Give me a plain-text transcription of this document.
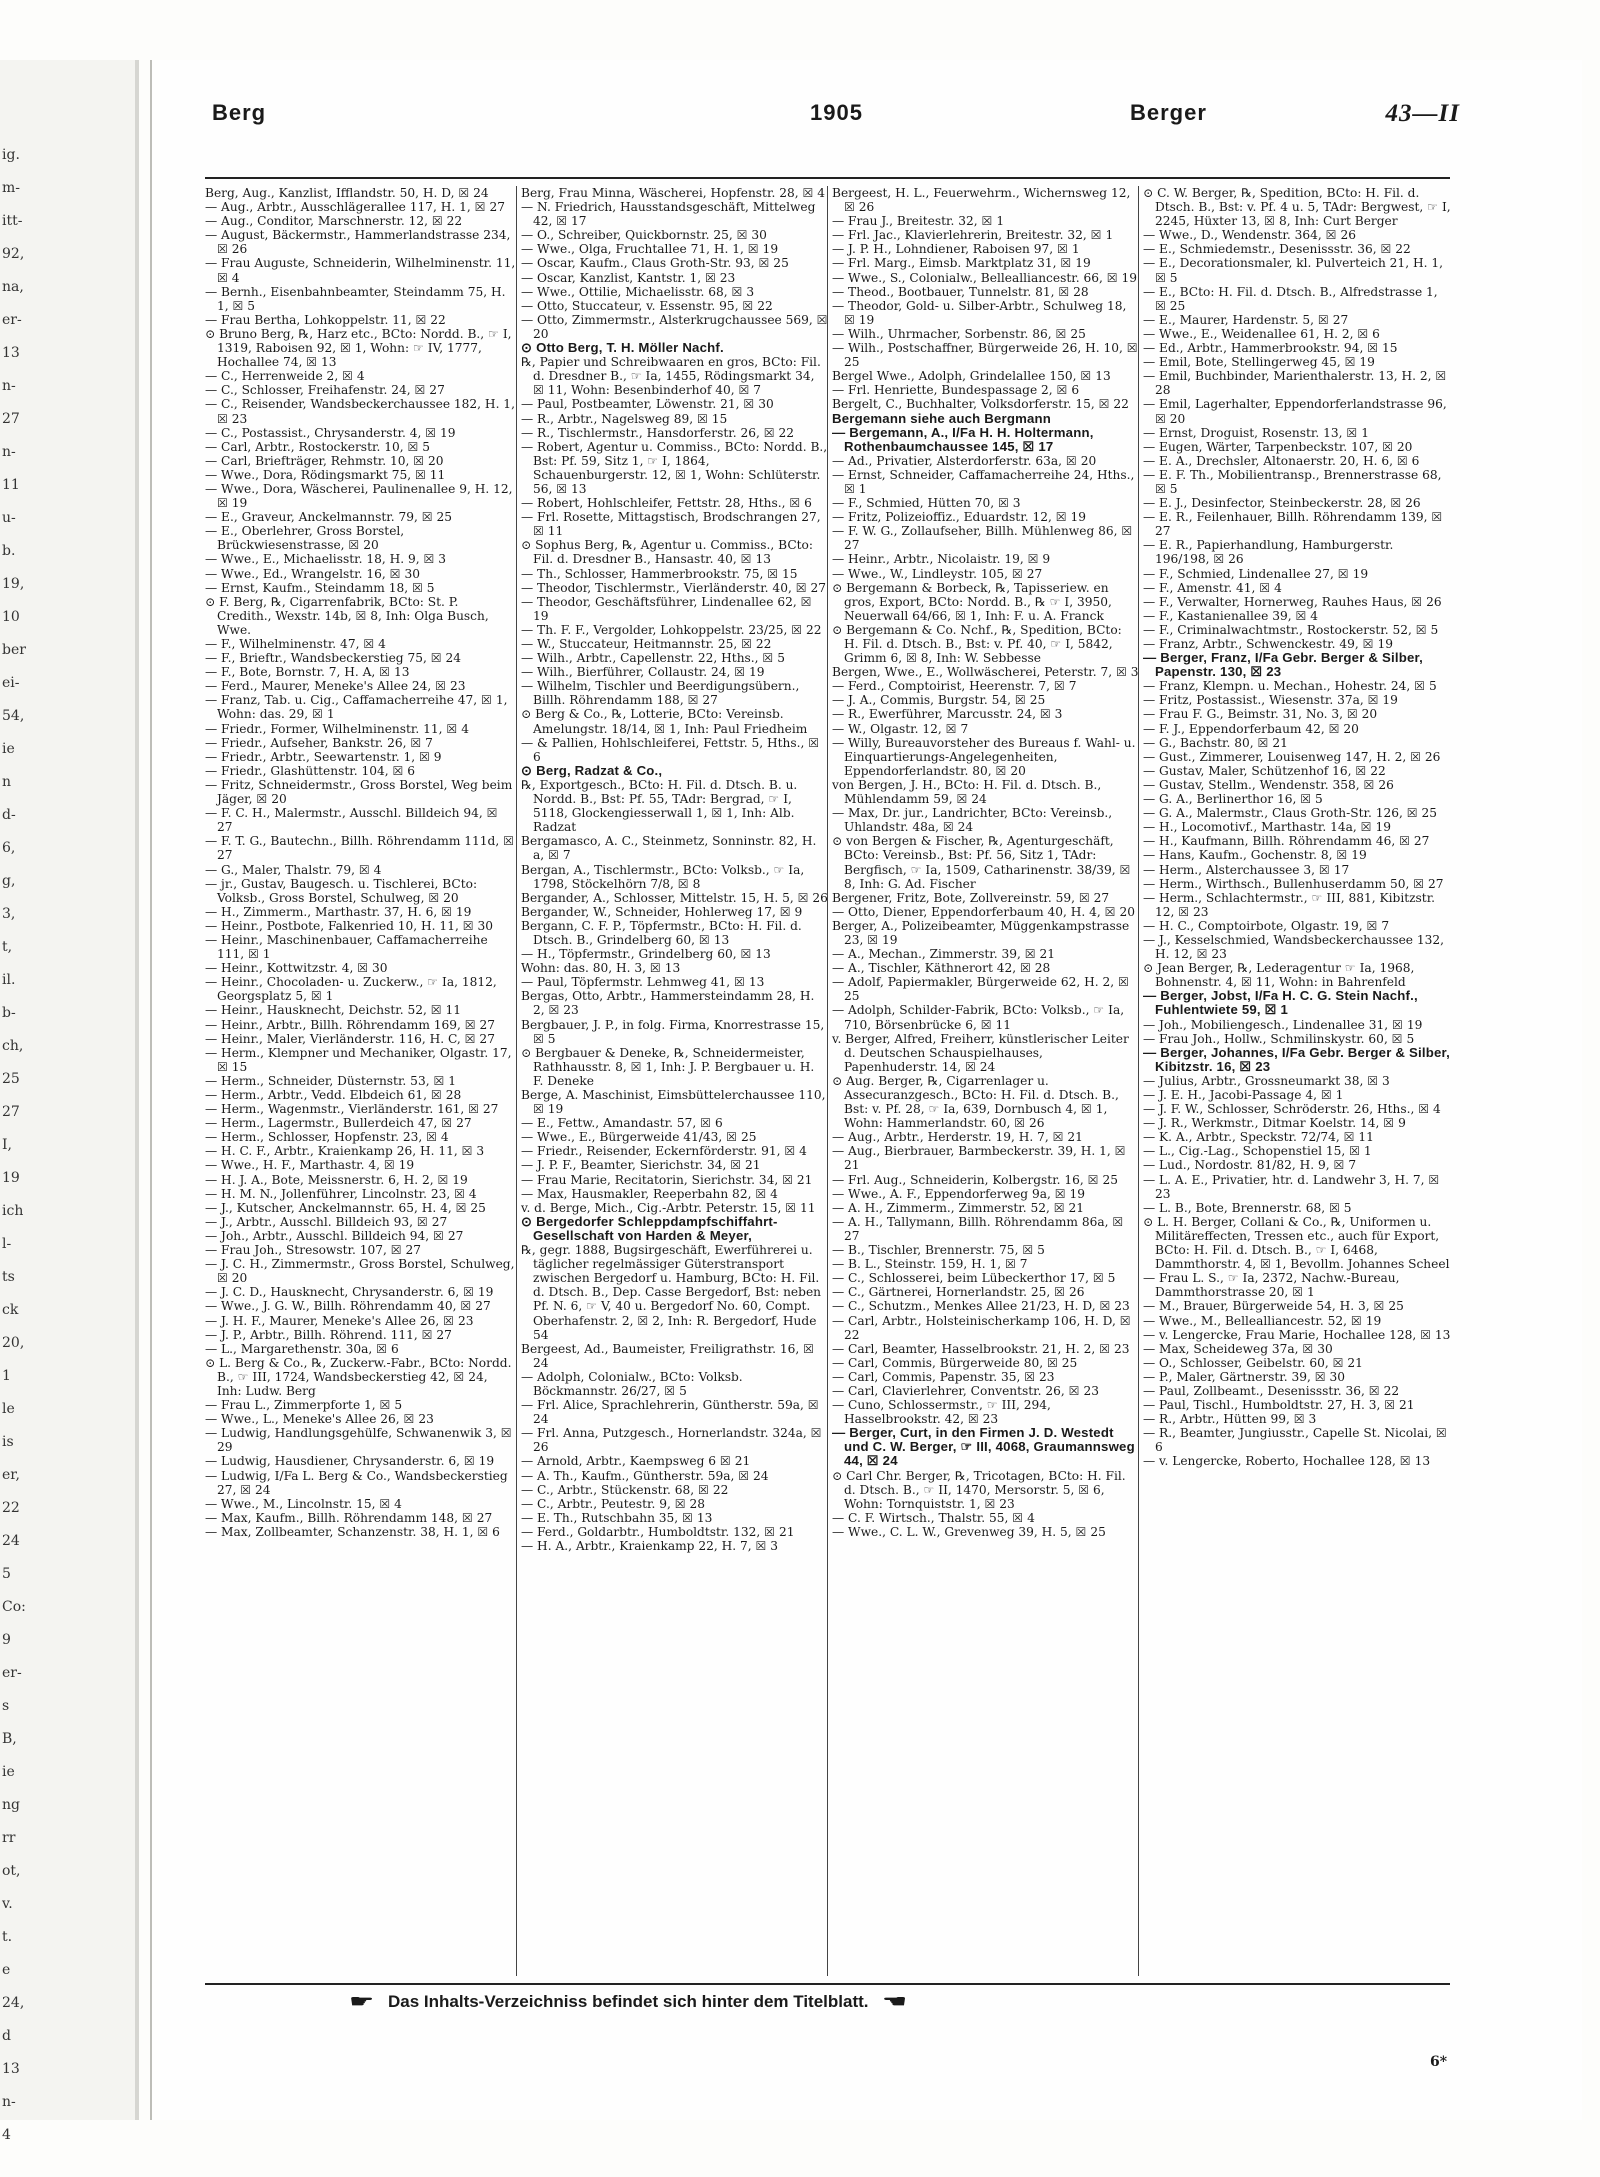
ig.
m-
itt-
92,
na,
er-
13
n-
27
n-
11
u-
b.
19,
10
ber
ei-
54,
ie
n
d-
6,
g,
3,
t,
il.
b-
ch,
25
27
I,
19
ich
l-
ts
ck
20,
1
le
is
er,
22
24
5
Co:
9
er-
s
B,
ie
ng
rr
ot,
v.
t.
e
24,
d
13
n-
4
Berg	1905	Berger	43—II

Berg, Aug., Kanzlist, Ifflandstr. 50, H. D, ☒ 24

— Aug., Arbtr., Ausschlägerallee 117, H. 1, ☒ 27

— Aug., Conditor, Marschnerstr. 12, ☒ 22

— August, Bäckermstr., Hammerlandstrasse 234, ☒ 26

— Frau Auguste, Schneiderin, Wilhelminenstr. 11, ☒ 4

— Bernh., Eisenbahnbeamter, Steindamm 75, H. 1, ☒ 5

— Frau Bertha, Lohkoppelstr. 11, ☒ 22

⊙ Bruno Berg, ℞, Harz etc., BCto: Nordd. B., ☞ I, 1319, Raboisen 92, ☒ 1, Wohn: ☞ IV, 1777, Hochallee 74, ☒ 13

— C., Herrenweide 2, ☒ 4

— C., Schlosser, Freihafenstr. 24, ☒ 27

— C., Reisender, Wandsbeckerchaussee 182, H. 1, ☒ 23

— C., Postassist., Chrysanderstr. 4, ☒ 19

— Carl, Arbtr., Rostockerstr. 10, ☒ 5

— Carl, Briefträger, Rehmstr. 10, ☒ 20

— Wwe., Dora, Rödingsmarkt 75, ☒ 11

— Wwe., Dora, Wäscherei, Paulinenallee 9, H. 12, ☒ 19

— E., Graveur, Anckelmannstr. 79, ☒ 25

— E., Oberlehrer, Gross Borstel, Brückwiesenstrasse, ☒ 20

— Wwe., E., Michaelisstr. 18, H. 9, ☒ 3

— Wwe., Ed., Wrangelstr. 16, ☒ 30

— Ernst, Kaufm., Steindamm 18, ☒ 5

⊙ F. Berg, ℞, Cigarrenfabrik, BCto: St. P. Credith., Wexstr. 14b, ☒ 8, Inh: Olga Busch, Wwe.

— F., Wilhelminenstr. 47, ☒ 4

— F., Brieftr., Wandsbeckerstieg 75, ☒ 24

— F., Bote, Bornstr. 7, H. A, ☒ 13

— Ferd., Maurer, Meneke's Allee 24, ☒ 23

— Franz, Tab. u. Cig., Caffamacherreihe 47, ☒ 1, Wohn: das. 29, ☒ 1

— Friedr., Former, Wilhelminenstr. 11, ☒ 4

— Friedr., Aufseher, Bankstr. 26, ☒ 7

— Friedr., Arbtr., Seewartenstr. 1, ☒ 9

— Friedr., Glashüttenstr. 104, ☒ 6

— Fritz, Schneidermstr., Gross Borstel, Weg beim Jäger, ☒ 20

— F. C. H., Malermstr., Ausschl. Billdeich 94, ☒ 27

— F. T. G., Bautechn., Billh. Röhrendamm 111d, ☒ 27

— G., Maler, Thalstr. 79, ☒ 4

— jr., Gustav, Baugesch. u. Tischlerei, BCto: Volksb., Gross Borstel, Schulweg, ☒ 20

— H., Zimmerm., Marthastr. 37, H. 6, ☒ 19

— Heinr., Postbote, Falkenried 10, H. 11, ☒ 30

— Heinr., Maschinenbauer, Caffamacherreihe 111, ☒ 1

— Heinr., Kottwitzstr. 4, ☒ 30

— Heinr., Chocoladen- u. Zuckerw., ☞ Ia, 1812, Georgsplatz 5, ☒ 1

— Heinr., Hausknecht, Deichstr. 52, ☒ 11

— Heinr., Arbtr., Billh. Röhrendamm 169, ☒ 27

— Heinr., Maler, Vierländerstr. 116, H. C, ☒ 27

— Herm., Klempner und Mechaniker, Olgastr. 17, ☒ 15

— Herm., Schneider, Düsternstr. 53, ☒ 1

— Herm., Arbtr., Vedd. Elbdeich 61, ☒ 28

— Herm., Wagenmstr., Vierländerstr. 161, ☒ 27

— Herm., Lagermstr., Bullerdeich 47, ☒ 27

— Herm., Schlosser, Hopfenstr. 23, ☒ 4

— H. C. F., Arbtr., Kraienkamp 26, H. 11, ☒ 3

— Wwe., H. F., Marthastr. 4, ☒ 19

— H. J. A., Bote, Meissnerstr. 6, H. 2, ☒ 19

— H. M. N., Jollenführer, Lincolnstr. 23, ☒ 4

— J., Kutscher, Anckelmannstr. 65, H. 4, ☒ 25

— J., Arbtr., Ausschl. Billdeich 93, ☒ 27

— Joh., Arbtr., Ausschl. Billdeich 94, ☒ 27

— Frau Joh., Stresowstr. 107, ☒ 27

— J. C. H., Zimmermstr., Gross Borstel, Schulweg, ☒ 20

— J. C. D., Hausknecht, Chrysanderstr. 6, ☒ 19

— Wwe., J. G. W., Billh. Röhrendamm 40, ☒ 27

— J. H. F., Maurer, Meneke's Allee 26, ☒ 23

— J. P., Arbtr., Billh. Röhrend. 111, ☒ 27

— L., Margarethenstr. 30a, ☒ 6

⊙ L. Berg & Co., ℞, Zuckerw.-Fabr., BCto: Nordd. B., ☞ III, 1724, Wandsbeckerstieg 42, ☒ 24, Inh: Ludw. Berg

— Frau L., Zimmerpforte 1, ☒ 5

— Wwe., L., Meneke's Allee 26, ☒ 23

— Ludwig, Handlungsgehülfe, Schwanenwik 3, ☒ 29

— Ludwig, Hausdiener, Chrysanderstr. 6, ☒ 19

— Ludwig, I/Fa L. Berg & Co., Wandsbeckerstieg 27, ☒ 24

— Wwe., M., Lincolnstr. 15, ☒ 4

— Max, Kaufm., Billh. Röhrendamm 148, ☒ 27

— Max, Zollbeamter, Schanzenstr. 38, H. 1, ☒ 6

Berg, Frau Minna, Wäscherei, Hopfenstr. 28, ☒ 4

— N. Friedrich, Hausstandsgeschäft, Mittelweg 42, ☒ 17

— O., Schreiber, Quickbornstr. 25, ☒ 30

— Wwe., Olga, Fruchtallee 71, H. 1, ☒ 19

— Oscar, Kaufm., Claus Groth-Str. 93, ☒ 25

— Oscar, Kanzlist, Kantstr. 1, ☒ 23

— Wwe., Ottilie, Michaelisstr. 68, ☒ 3

— Otto, Stuccateur, v. Essenstr. 95, ☒ 22

— Otto, Zimmermstr., Alsterkrugchaussee 569, ☒ 20

⊙ Otto Berg, T. H. Möller Nachf.

℞, Papier und Schreibwaaren en gros, BCto: Fil. d. Dresdner B., ☞ Ia, 1455, Rödingsmarkt 34, ☒ 11, Wohn: Besenbinderhof 40, ☒ 7

— Paul, Postbeamter, Löwenstr. 21, ☒ 30

— R., Arbtr., Nagelsweg 89, ☒ 15

— R., Tischlermstr., Hansdorferstr. 26, ☒ 22

— Robert, Agentur u. Commiss., BCto: Nordd. B., Bst: Pf. 59, Sitz 1, ☞ I, 1864, Schauenburgerstr. 12, ☒ 1, Wohn: Schlüterstr. 56, ☒ 13

— Robert, Hohlschleifer, Fettstr. 28, Hths., ☒ 6

— Frl. Rosette, Mittagstisch, Brodschrangen 27, ☒ 11

⊙ Sophus Berg, ℞, Agentur u. Commiss., BCto: Fil. d. Dresdner B., Hansastr. 40, ☒ 13

— Th., Schlosser, Hammerbrookstr. 75, ☒ 15

— Theodor, Tischlermstr., Vierländerstr. 40, ☒ 27

— Theodor, Geschäftsführer, Lindenallee 62, ☒ 19

— Th. F. F., Vergolder, Lohkoppelstr. 23/25, ☒ 22

— W., Stuccateur, Heitmannstr. 25, ☒ 22

— Wilh., Arbtr., Capellenstr. 22, Hths., ☒ 5

— Wilh., Bierführer, Collaustr. 24, ☒ 19

— Wilhelm, Tischler und Beerdigungsübern., Billh. Röhrendamm 188, ☒ 27

⊙ Berg & Co., ℞, Lotterie, BCto: Vereinsb. Amelungstr. 18/14, ☒ 1, Inh: Paul Friedheim

— & Pallien, Hohlschleiferei, Fettstr. 5, Hths., ☒ 6

⊙ Berg, Radzat & Co.,

℞, Exportgesch., BCto: H. Fil. d. Dtsch. B. u. Nordd. B., Bst: Pf. 55, TAdr: Bergrad, ☞ I, 5118, Glockengiesserwall 1, ☒ 1, Inh: Alb. Radzat

Bergamasco, A. C., Steinmetz, Sonninstr. 82, H. a, ☒ 7

Bergan, A., Tischlermstr., BCto: Volksb., ☞ Ia, 1798, Stöckelhörn 7/8, ☒ 8

Bergander, A., Schlosser, Mittelstr. 15, H. 5, ☒ 26

Bergander, W., Schneider, Hohlerweg 17, ☒ 9

Bergann, C. F. P., Töpfermstr., BCto: H. Fil. d. Dtsch. B., Grindelberg 60, ☒ 13

— H., Töpfermstr., Grindelberg 60, ☒ 13

Wohn: das. 80, H. 3, ☒ 13

— Paul, Töpfermstr. Lehmweg 41, ☒ 13

Bergas, Otto, Arbtr., Hammersteindamm 28, H. 2, ☒ 23

Bergbauer, J. P., in folg. Firma, Knorrestrasse 15, ☒ 5

⊙ Bergbauer & Deneke, ℞, Schneidermeister, Rathhausstr. 8, ☒ 1, Inh: J. P. Bergbauer u. H. F. Deneke

Berge, A. Maschinist, Eimsbüttelerchaussee 110, ☒ 19

— E., Fettw., Amandastr. 57, ☒ 6

— Wwe., E., Bürgerweide 41/43, ☒ 25

— Friedr., Reisender, Eckernförderstr. 91, ☒ 4

— J. P. F., Beamter, Sierichstr. 34, ☒ 21

— Frau Marie, Recitatorin, Sierichstr. 34, ☒ 21

— Max, Hausmakler, Reeperbahn 82, ☒ 4

v. d. Berge, Mich., Cig.-Arbtr. Peterstr. 15, ☒ 11

⊙ Bergedorfer Schleppdampfschiffahrt-Gesellschaft von Harden & Meyer,

℞, gegr. 1888, Bugsirgeschäft, Ewerführerei u. täglicher regelmässiger Güterstransport zwischen Bergedorf u. Hamburg, BCto: H. Fil. d. Dtsch. B., Dep. Casse Bergedorf, Bst: neben Pf. N. 6, ☞ V, 40 u. Bergedorf No. 60, Compt. Oberhafenstr. 2, ☒ 2, Inh: R. Bergedorf, Hude 54

Bergeest, Ad., Baumeister, Freiligrathstr. 16, ☒ 24

— Adolph, Colonialw., BCto: Volksb. Böckmannstr. 26/27, ☒ 5

— Frl. Alice, Sprachlehrerin, Güntherstr. 59a, ☒ 24

— Frl. Anna, Putzgesch., Hornerlandstr. 324a, ☒ 26

— Arnold, Arbtr., Kaempsweg 6 ☒ 21

— A. Th., Kaufm., Güntherstr. 59a, ☒ 24

— C., Arbtr., Stückenstr. 68, ☒ 22

— C., Arbtr., Peutestr. 9, ☒ 28

— E. Th., Rutschbahn 35, ☒ 13

— Ferd., Goldarbtr., Humboldtstr. 132, ☒ 21

— H. A., Arbtr., Kraienkamp 22, H. 7, ☒ 3

Bergeest, H. L., Feuerwehrm., Wichernsweg 12, ☒ 26

— Frau J., Breitestr. 32, ☒ 1

— Frl. Jac., Klavierlehrerin, Breitestr. 32, ☒ 1

— J. P. H., Lohndiener, Raboisen 97, ☒ 1

— Frl. Marg., Eimsb. Marktplatz 31, ☒ 19

— Wwe., S., Colonialw., Bellealliancestr. 66, ☒ 19

— Theod., Bootbauer, Tunnelstr. 81, ☒ 28

— Theodor, Gold- u. Silber-Arbtr., Schulweg 18, ☒ 19

— Wilh., Uhrmacher, Sorbenstr. 86, ☒ 25

— Wilh., Postschaffner, Bürgerweide 26, H. 10, ☒ 25

Bergel Wwe., Adolph, Grindelallee 150, ☒ 13

— Frl. Henriette, Bundespassage 2, ☒ 6

Bergelt, C., Buchhalter, Volksdorferstr. 15, ☒ 22

Bergemann siehe auch Bergmann

— Bergemann, A., I/Fa H. H. Holtermann, Rothenbaumchaussee 145, ☒ 17

— Ad., Privatier, Alsterdorferstr. 63a, ☒ 20

— Ernst, Schneider, Caffamacherreihe 24, Hths., ☒ 1

— F., Schmied, Hütten 70, ☒ 3

— Fritz, Polizeioffiz., Eduardstr. 12, ☒ 19

— F. W. G., Zollaufseher, Billh. Mühlenweg 86, ☒ 27

— Heinr., Arbtr., Nicolaistr. 19, ☒ 9

— Wwe., W., Lindleystr. 105, ☒ 27

⊙ Bergemann & Borbeck, ℞, Tapisseriew. en gros, Export, BCto: Nordd. B., ℞ ☞ I, 3950, Neuerwall 64/66, ☒ 1, Inh: F. u. A. Franck

⊙ Bergemann & Co. Nchf., ℞, Spedition, BCto: H. Fil. d. Dtsch. B., Bst: v. Pf. 40, ☞ I, 5842, Grimm 6, ☒ 8, Inh: W. Sebbesse

Bergen, Wwe., E., Wollwäscherei, Peterstr. 7, ☒ 3

— Ferd., Comptoirist, Heerenstr. 7, ☒ 7

— J. A., Commis, Burgstr. 54, ☒ 25

— R., Ewerführer, Marcusstr. 24, ☒ 3

— W., Olgastr. 12, ☒ 7

— Willy, Bureauvorsteher des Bureaus f. Wahl- u. Einquartierungs-Angelegenheiten, Eppendorferlandstr. 80, ☒ 20

von Bergen, J. H., BCto: H. Fil. d. Dtsch. B., Mühlendamm 59, ☒ 24

— Max, Dr. jur., Landrichter, BCto: Vereinsb., Uhlandstr. 48a, ☒ 24

⊙ von Bergen & Fischer, ℞, Agenturgeschäft, BCto: Vereinsb., Bst: Pf. 56, Sitz 1, TAdr: Bergfisch, ☞ Ia, 1509, Catharinenstr. 38/39, ☒ 8, Inh: G. Ad. Fischer

Bergener, Fritz, Bote, Zollvereinstr. 59, ☒ 27

— Otto, Diener, Eppendorferbaum 40, H. 4, ☒ 20

Berger, A., Polizeibeamter, Müggenkampstrasse 23, ☒ 19

— A., Mechan., Zimmerstr. 39, ☒ 21

— A., Tischler, Käthnerort 42, ☒ 28

— Adolf, Papiermakler, Bürgerweide 62, H. 2, ☒ 25

— Adolph, Schilder-Fabrik, BCto: Volksb., ☞ Ia, 710, Börsenbrücke 6, ☒ 11

v. Berger, Alfred, Freiherr, künstlerischer Leiter d. Deutschen Schauspielhauses, Papenhuderstr. 14, ☒ 24

⊙ Aug. Berger, ℞, Cigarrenlager u. Assecuranzgesch., BCto: H. Fil. d. Dtsch. B., Bst: v. Pf. 28, ☞ Ia, 639, Dornbusch 4, ☒ 1, Wohn: Hammerlandstr. 60, ☒ 26

— Aug., Arbtr., Herderstr. 19, H. 7, ☒ 21

— Aug., Bierbrauer, Barmbeckerstr. 39, H. 1, ☒ 21

— Frl. Aug., Schneiderin, Kolbergstr. 16, ☒ 25

— Wwe., A. F., Eppendorferweg 9a, ☒ 19

— A. H., Zimmerm., Zimmerstr. 52, ☒ 21

— A. H., Tallymann, Billh. Röhrendamm 86a, ☒ 27

— B., Tischler, Brennerstr. 75, ☒ 5

— B. L., Steinstr. 159, H. 1, ☒ 7

— C., Schlosserei, beim Lübeckerthor 17, ☒ 5

— C., Gärtnerei, Hornerlandstr. 25, ☒ 26

— C., Schutzm., Menkes Allee 21/23, H. D, ☒ 23

— Carl, Arbtr., Holsteinischerkamp 106, H. D, ☒ 22

— Carl, Beamter, Hasselbrookstr. 21, H. 2, ☒ 23

— Carl, Commis, Bürgerweide 80, ☒ 25

— Carl, Commis, Papenstr. 35, ☒ 23

— Carl, Clavierlehrer, Conventstr. 26, ☒ 23

— Cuno, Schlossermstr., ☞ III, 294, Hasselbrookstr. 42, ☒ 23

— Berger, Curt, in den Firmen J. D. Westedt und C. W. Berger, ☞ III, 4068, Graumannsweg 44, ☒ 24

⊙ Carl Chr. Berger, ℞, Tricotagen, BCto: H. Fil. d. Dtsch. B., ☞ II, 1470, Mersorstr. 5, ☒ 6, Wohn: Tornquiststr. 1, ☒ 23

— C. F. Wirtsch., Thalstr. 55, ☒ 4

— Wwe., C. L. W., Grevenweg 39, H. 5, ☒ 25

⊙ C. W. Berger, ℞, Spedition, BCto: H. Fil. d. Dtsch. B., Bst: v. Pf. 4 u. 5, TAdr: Bergwest, ☞ I, 2245, Hüxter 13, ☒ 8, Inh: Curt Berger

— Wwe., D., Wendenstr. 364, ☒ 26

— E., Schmiedemstr., Desenissstr. 36, ☒ 22

— E., Decorationsmaler, kl. Pulverteich 21, H. 1, ☒ 5

— E., BCto: H. Fil. d. Dtsch. B., Alfredstrasse 1, ☒ 25

— E., Maurer, Hardenstr. 5, ☒ 27

— Wwe., E., Weidenallee 61, H. 2, ☒ 6

— Ed., Arbtr., Hammerbrookstr. 94, ☒ 15

— Emil, Bote, Stellingerweg 45, ☒ 19

— Emil, Buchbinder, Marienthalerstr. 13, H. 2, ☒ 28

— Emil, Lagerhalter, Eppendorferlandstrasse 96, ☒ 20

— Ernst, Droguist, Rosenstr. 13, ☒ 1

— Eugen, Wärter, Tarpenbeckstr. 107, ☒ 20

— E. A., Drechsler, Altonaerstr. 20, H. 6, ☒ 6

— E. F. Th., Mobilientransp., Brennerstrasse 68, ☒ 5

— E. J., Desinfector, Steinbeckerstr. 28, ☒ 26

— E. R., Feilenhauer, Billh. Röhrendamm 139, ☒ 27

— E. R., Papierhandlung, Hamburgerstr. 196/198, ☒ 26

— F., Schmied, Lindenallee 27, ☒ 19

— F., Amenstr. 41, ☒ 4

— F., Verwalter, Hornerweg, Rauhes Haus, ☒ 26

— F., Kastanienallee 39, ☒ 4

— F., Criminalwachtmstr., Rostockerstr. 52, ☒ 5

— Franz, Arbtr., Schwenckestr. 49, ☒ 19

— Berger, Franz, I/Fa Gebr. Berger & Silber, Papenstr. 130, ☒ 23

— Franz, Klempn. u. Mechan., Hohestr. 24, ☒ 5

— Fritz, Postassist., Wiesenstr. 37a, ☒ 19

— Frau F. G., Beimstr. 31, No. 3, ☒ 20

— F. J., Eppendorferbaum 42, ☒ 20

— G., Bachstr. 80, ☒ 21

— Gust., Zimmerer, Louisenweg 147, H. 2, ☒ 26

— Gustav, Maler, Schützenhof 16, ☒ 22

— Gustav, Stellm., Wendenstr. 358, ☒ 26

— G. A., Berlinerthor 16, ☒ 5

— G. A., Malermstr., Claus Groth-Str. 126, ☒ 25

— H., Locomotivf., Marthastr. 14a, ☒ 19

— H., Kaufmann, Billh. Röhrendamm 46, ☒ 27

— Hans, Kaufm., Gochenstr. 8, ☒ 19

— Herm., Alsterchaussee 3, ☒ 17

— Herm., Wirthsch., Bullenhuserdamm 50, ☒ 27

— Herm., Schlachtermstr., ☞ III, 881, Kibitzstr. 12, ☒ 23

— H. C., Comptoirbote, Olgastr. 19, ☒ 7

— J., Kesselschmied, Wandsbeckerchaussee 132, H. 12, ☒ 23

⊙ Jean Berger, ℞, Lederagentur ☞ Ia, 1968, Bohnenstr. 4, ☒ 11, Wohn: in Bahrenfeld

— Berger, Jobst, I/Fa H. C. G. Stein Nachf., Fuhlentwiete 59, ☒ 1

— Joh., Mobiliengesch., Lindenallee 31, ☒ 19

— Frau Joh., Hollw., Schmilinskystr. 60, ☒ 5

— Berger, Johannes, I/Fa Gebr. Berger & Silber, Kibitzstr. 16, ☒ 23

— Julius, Arbtr., Grossneumarkt 38, ☒ 3

— J. E. H., Jacobi-Passage 4, ☒ 1

— J. F. W., Schlosser, Schröderstr. 26, Hths., ☒ 4

— J. R., Werkmstr., Ditmar Koelstr. 14, ☒ 9

— K. A., Arbtr., Speckstr. 72/74, ☒ 11

— L., Cig.-Lag., Schopenstiel 15, ☒ 1

— Lud., Nordostr. 81/82, H. 9, ☒ 7

— L. A. E., Privatier, htr. d. Landwehr 3, H. 7, ☒ 23

— L. B., Bote, Brennerstr. 68, ☒ 5

⊙ L. H. Berger, Collani & Co., ℞, Uniformen u. Militäreffecten, Tressen etc., auch für Export, BCto: H. Fil. d. Dtsch. B., ☞ I, 6468, Dammthorstr. 4, ☒ 1, Bevollm. Johannes Scheel

— Frau L. S., ☞ Ia, 2372, Nachw.-Bureau, Dammthorstrasse 20, ☒ 1

— M., Brauer, Bürgerweide 54, H. 3, ☒ 25

— Wwe., M., Bellealliancestr. 52, ☒ 19

— v. Lengercke, Frau Marie, Hochallee 128, ☒ 13

— Max, Scheideweg 37a, ☒ 30

— O., Schlosser, Geibelstr. 60, ☒ 21

— P., Maler, Gärtnerstr. 39, ☒ 30

— Paul, Zollbeamt., Desenissstr. 36, ☒ 22

— Paul, Tischl., Humboldtstr. 27, H. 3, ☒ 21

— R., Arbtr., Hütten 99, ☒ 3

— R., Beamter, Jungiusstr., Capelle St. Nicolai, ☒ 6

— v. Lengercke, Roberto, Hochallee 128, ☒ 13

☛ Das Inhalts-Verzeichniss befindet sich hinter dem Titelblatt. ☚
6*
